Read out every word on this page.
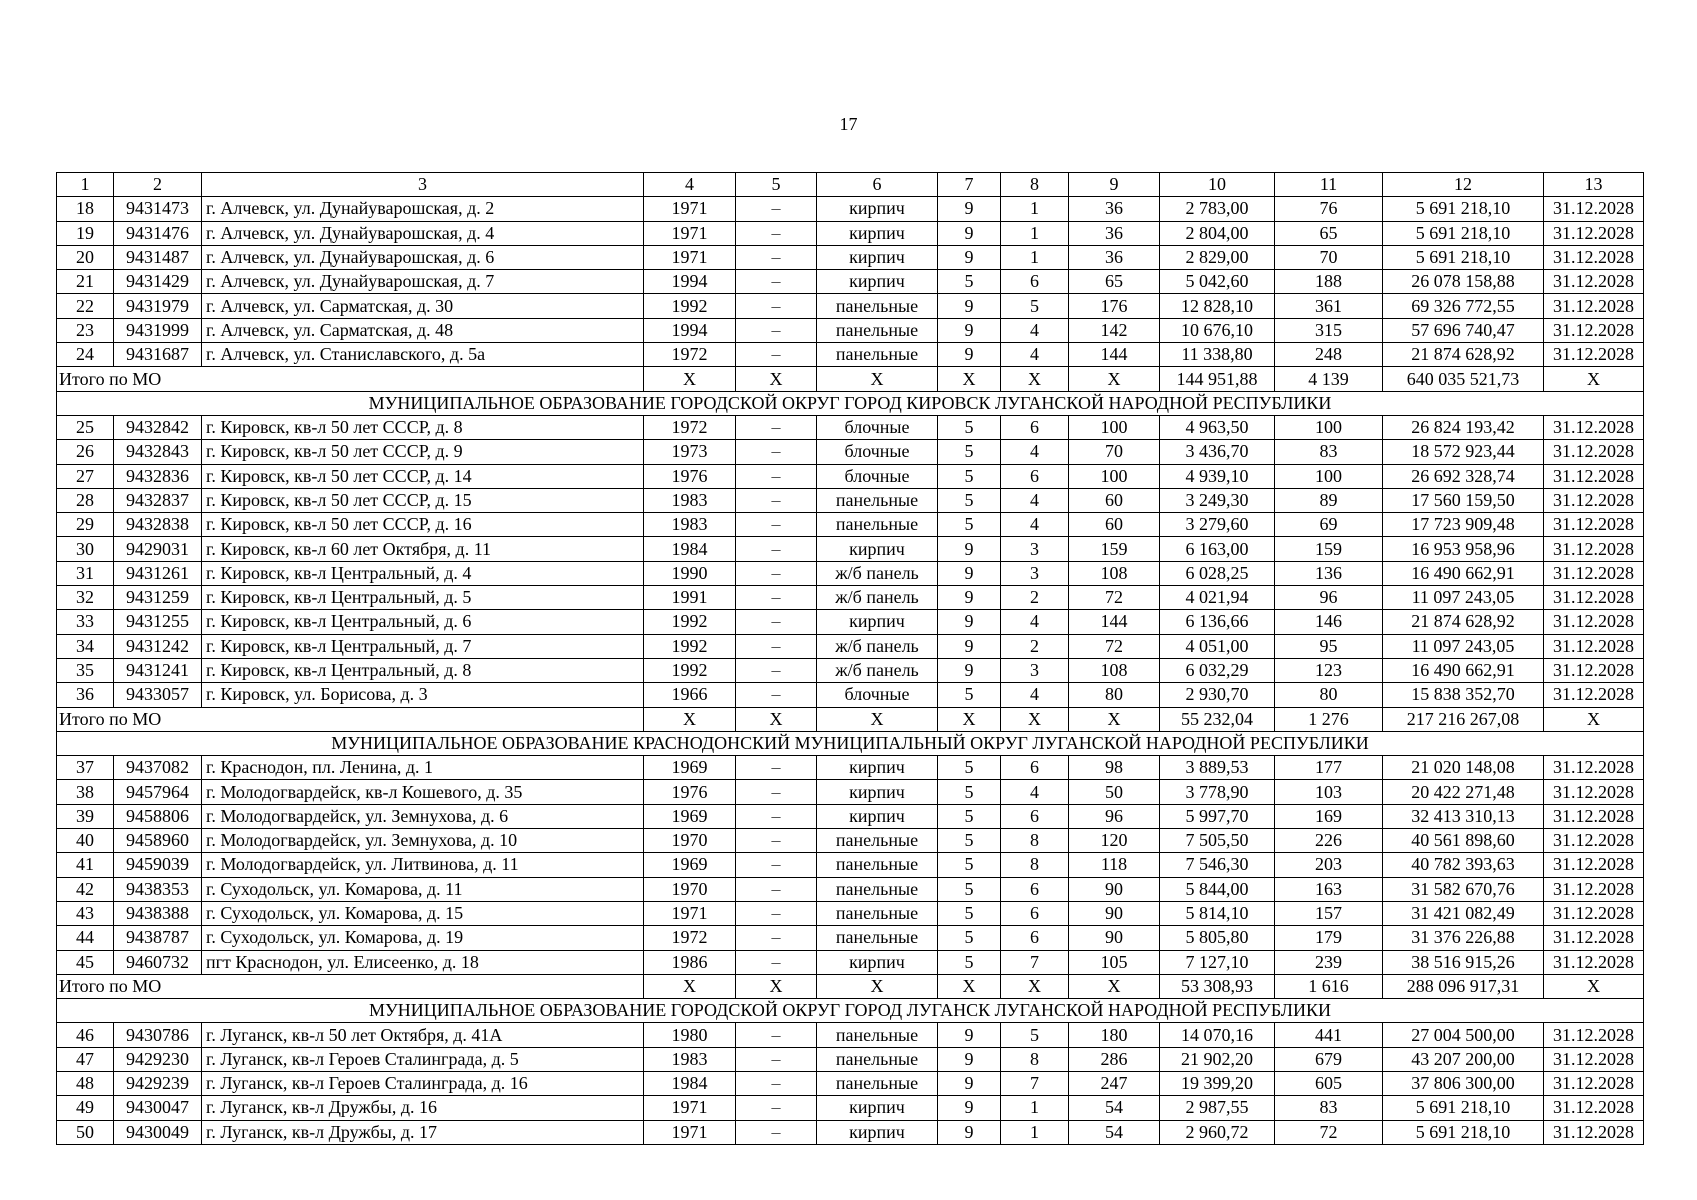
17
1	2	3	4	5	6	7	8	9	10	11	12	13
18	9431473	г. Алчевск, ул. Дунайуварошская, д. 2	1971	–	кирпич	9	1	36	2 783,00	76	5 691 218,10	31.12.2028
19	9431476	г. Алчевск, ул. Дунайуварошская, д. 4	1971	–	кирпич	9	1	36	2 804,00	65	5 691 218,10	31.12.2028
20	9431487	г. Алчевск, ул. Дунайуварошская, д. 6	1971	–	кирпич	9	1	36	2 829,00	70	5 691 218,10	31.12.2028
21	9431429	г. Алчевск, ул. Дунайуварошская, д. 7	1994	–	кирпич	5	6	65	5 042,60	188	26 078 158,88	31.12.2028
22	9431979	г. Алчевск, ул. Сарматская, д. 30	1992	–	панельные	9	5	176	12 828,10	361	69 326 772,55	31.12.2028
23	9431999	г. Алчевск, ул. Сарматская, д. 48	1994	–	панельные	9	4	142	10 676,10	315	57 696 740,47	31.12.2028
24	9431687	г. Алчевск, ул. Станиславского, д. 5а	1972	–	панельные	9	4	144	11 338,80	248	21 874 628,92	31.12.2028
Итого по МО			X	X	X	X	X	X	144 951,88	4 139	640 035 521,73	X
МУНИЦИПАЛЬНОЕ ОБРАЗОВАНИЕ ГОРОДСКОЙ ОКРУГ ГОРОД КИРОВСК ЛУГАНСКОЙ НАРОДНОЙ РЕСПУБЛИКИ												
25	9432842	г. Кировск, кв-л 50 лет СССР, д. 8	1972	–	блочные	5	6	100	4 963,50	100	26 824 193,42	31.12.2028
26	9432843	г. Кировск, кв-л 50 лет СССР, д. 9	1973	–	блочные	5	4	70	3 436,70	83	18 572 923,44	31.12.2028
27	9432836	г. Кировск, кв-л 50 лет СССР, д. 14	1976	–	блочные	5	6	100	4 939,10	100	26 692 328,74	31.12.2028
28	9432837	г. Кировск, кв-л 50 лет СССР, д. 15	1983	–	панельные	5	4	60	3 249,30	89	17 560 159,50	31.12.2028
29	9432838	г. Кировск, кв-л 50 лет СССР, д. 16	1983	–	панельные	5	4	60	3 279,60	69	17 723 909,48	31.12.2028
30	9429031	г. Кировск, кв-л 60 лет Октября, д. 11	1984	–	кирпич	9	3	159	6 163,00	159	16 953 958,96	31.12.2028
31	9431261	г. Кировск, кв-л Центральный, д. 4	1990	–	ж/б панель	9	3	108	6 028,25	136	16 490 662,91	31.12.2028
32	9431259	г. Кировск, кв-л Центральный, д. 5	1991	–	ж/б панель	9	2	72	4 021,94	96	11 097 243,05	31.12.2028
33	9431255	г. Кировск, кв-л Центральный, д. 6	1992	–	кирпич	9	4	144	6 136,66	146	21 874 628,92	31.12.2028
34	9431242	г. Кировск, кв-л Центральный, д. 7	1992	–	ж/б панель	9	2	72	4 051,00	95	11 097 243,05	31.12.2028
35	9431241	г. Кировск, кв-л Центральный, д. 8	1992	–	ж/б панель	9	3	108	6 032,29	123	16 490 662,91	31.12.2028
36	9433057	г. Кировск, ул. Борисова, д. 3	1966	–	блочные	5	4	80	2 930,70	80	15 838 352,70	31.12.2028
Итого по МО			X	X	X	X	X	X	55 232,04	1 276	217 216 267,08	X
МУНИЦИПАЛЬНОЕ ОБРАЗОВАНИЕ КРАСНОДОНСКИЙ МУНИЦИПАЛЬНЫЙ ОКРУГ ЛУГАНСКОЙ НАРОДНОЙ РЕСПУБЛИКИ												
37	9437082	г. Краснодон, пл. Ленина, д. 1	1969	–	кирпич	5	6	98	3 889,53	177	21 020 148,08	31.12.2028
38	9457964	г. Молодогвардейск, кв-л Кошевого, д. 35	1976	–	кирпич	5	4	50	3 778,90	103	20 422 271,48	31.12.2028
39	9458806	г. Молодогвардейск, ул. Земнухова, д. 6	1969	–	кирпич	5	6	96	5 997,70	169	32 413 310,13	31.12.2028
40	9458960	г. Молодогвардейск, ул. Земнухова, д. 10	1970	–	панельные	5	8	120	7 505,50	226	40 561 898,60	31.12.2028
41	9459039	г. Молодогвардейск, ул. Литвинова, д. 11	1969	–	панельные	5	8	118	7 546,30	203	40 782 393,63	31.12.2028
42	9438353	г. Суходольск, ул. Комарова, д. 11	1970	–	панельные	5	6	90	5 844,00	163	31 582 670,76	31.12.2028
43	9438388	г. Суходольск, ул. Комарова, д. 15	1971	–	панельные	5	6	90	5 814,10	157	31 421 082,49	31.12.2028
44	9438787	г. Суходольск, ул. Комарова, д. 19	1972	–	панельные	5	6	90	5 805,80	179	31 376 226,88	31.12.2028
45	9460732	пгт Краснодон, ул. Елисеенко, д. 18	1986	–	кирпич	5	7	105	7 127,10	239	38 516 915,26	31.12.2028
Итого по МО			X	X	X	X	X	X	53 308,93	1 616	288 096 917,31	X
МУНИЦИПАЛЬНОЕ ОБРАЗОВАНИЕ ГОРОДСКОЙ ОКРУГ ГОРОД ЛУГАНСК ЛУГАНСКОЙ НАРОДНОЙ РЕСПУБЛИКИ												
46	9430786	г. Луганск, кв-л 50 лет Октября, д. 41А	1980	–	панельные	9	5	180	14 070,16	441	27 004 500,00	31.12.2028
47	9429230	г. Луганск, кв-л Героев Сталинграда, д. 5	1983	–	панельные	9	8	286	21 902,20	679	43 207 200,00	31.12.2028
48	9429239	г. Луганск, кв-л Героев Сталинграда, д. 16	1984	–	панельные	9	7	247	19 399,20	605	37 806 300,00	31.12.2028
49	9430047	г. Луганск, кв-л Дружбы, д. 16	1971	–	кирпич	9	1	54	2 987,55	83	5 691 218,10	31.12.2028
50	9430049	г. Луганск, кв-л Дружбы, д. 17	1971	–	кирпич	9	1	54	2 960,72	72	5 691 218,10	31.12.2028
